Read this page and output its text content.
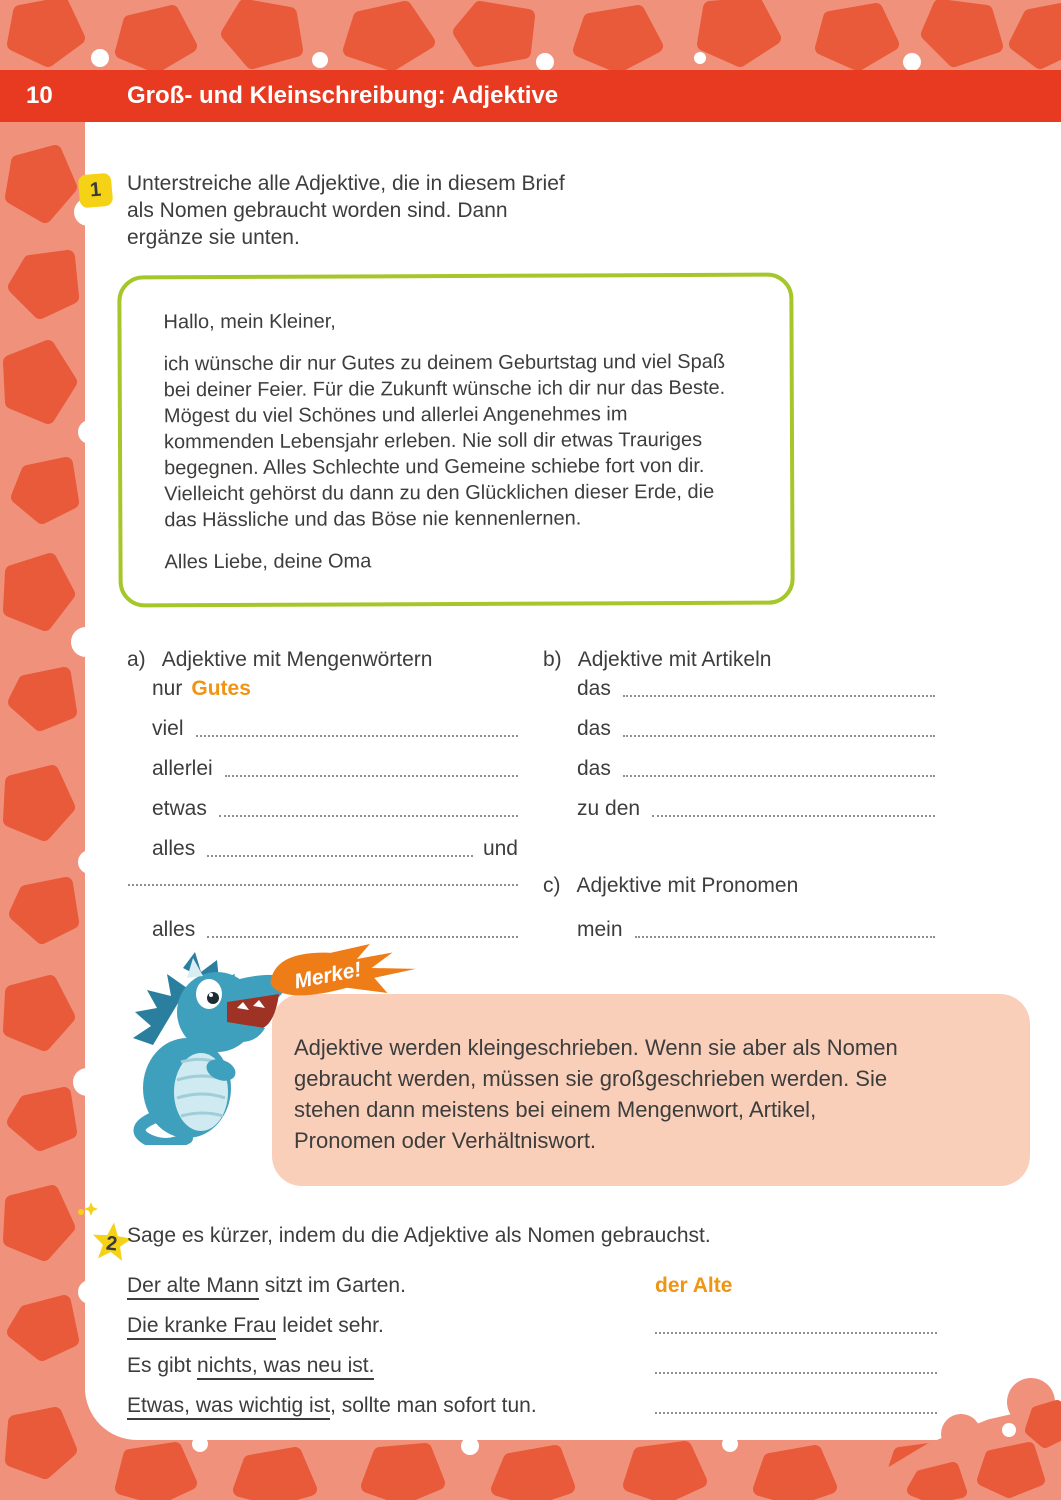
10	Groß- und Kleinschreibung: Adjektive
1 Unterstreiche alle Adjektive, die in diesem Brief als Nomen gebraucht worden sind. Dann ergänze sie unten.

Hallo, mein Kleiner,

ich wünsche dir nur Gutes zu deinem Geburtstag und viel Spaß bei deiner Feier. Für die Zukunft wünsche ich dir nur das Beste. Mögest du viel Schönes und allerlei Angenehmes im kommenden Lebensjahr erleben. Nie soll dir etwas Trauriges begegnen. Alles Schlechte und Gemeine schiebe fort von dir. Vielleicht gehörst du dann zu den Glücklichen dieser Erde, die das Hässliche und das Böse nie kennenlernen.

Alles Liebe, deine Oma

a) Adjektive mit Mengenwörtern
nur Gutes
viel
allerlei
etwas
alles	und
alles
b) Adjektive mit Artikeln
das
das
das
zu den
c) Adjektive mit Pronomen
mein
Adjektive werden kleingeschrieben. Wenn sie aber als Nomen gebraucht werden, müssen sie großgeschrieben werden. Sie stehen dann meistens bei einem Mengenwort, Artikel, Pronomen oder Verhältniswort.
Merke!
2 Sage es kürzer, indem du die Adjektive als Nomen gebrauchst.
Der alte Mann sitzt im Garten.	der Alte
Die kranke Frau leidet sehr.
Es gibt nichts, was neu ist.
Etwas, was wichtig ist, sollte man sofort tun.
